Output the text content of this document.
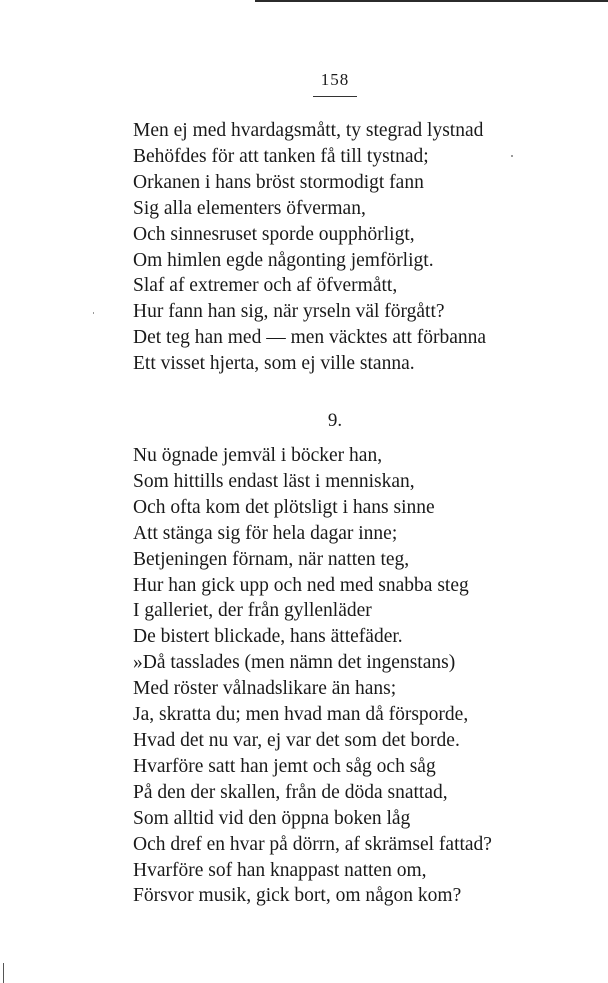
158
Men ej med hvardagsmått, ty stegrad lystnad
Behöfdes för att tanken få till tystnad;
Orkanen i hans bröst stormodigt fann
Sig alla elementers öfverman,
Och sinnesruset sporde oupphörligt,
Om himlen egde någonting jemförligt.
Slaf af extremer och af öfvermått,
Hur fann han sig, när yrseln väl förgått?
Det teg han med — men väcktes att förbanna
Ett visset hjerta, som ej ville stanna.
9.
Nu ögnade jemväl i böcker han,
Som hittills endast läst i menniskan,
Och ofta kom det plötsligt i hans sinne
Att stänga sig för hela dagar inne;
Betjeningen förnam, när natten teg,
Hur han gick upp och ned med snabba steg
I galleriet, der från gyllenläder
De bistert blickade, hans ättefäder.
»Då tasslades (men nämn det ingenstans)
Med röster vålnadslikare än hans;
Ja, skratta du; men hvad man då försporde,
Hvad det nu var, ej var det som det borde.
Hvarföre satt han jemt och såg och såg
På den der skallen, från de döda snattad,
Som alltid vid den öppna boken låg
Och dref en hvar på dörrn, af skrämsel fattad?
Hvarföre sof han knappast natten om,
Försvor musik, gick bort, om någon kom?
